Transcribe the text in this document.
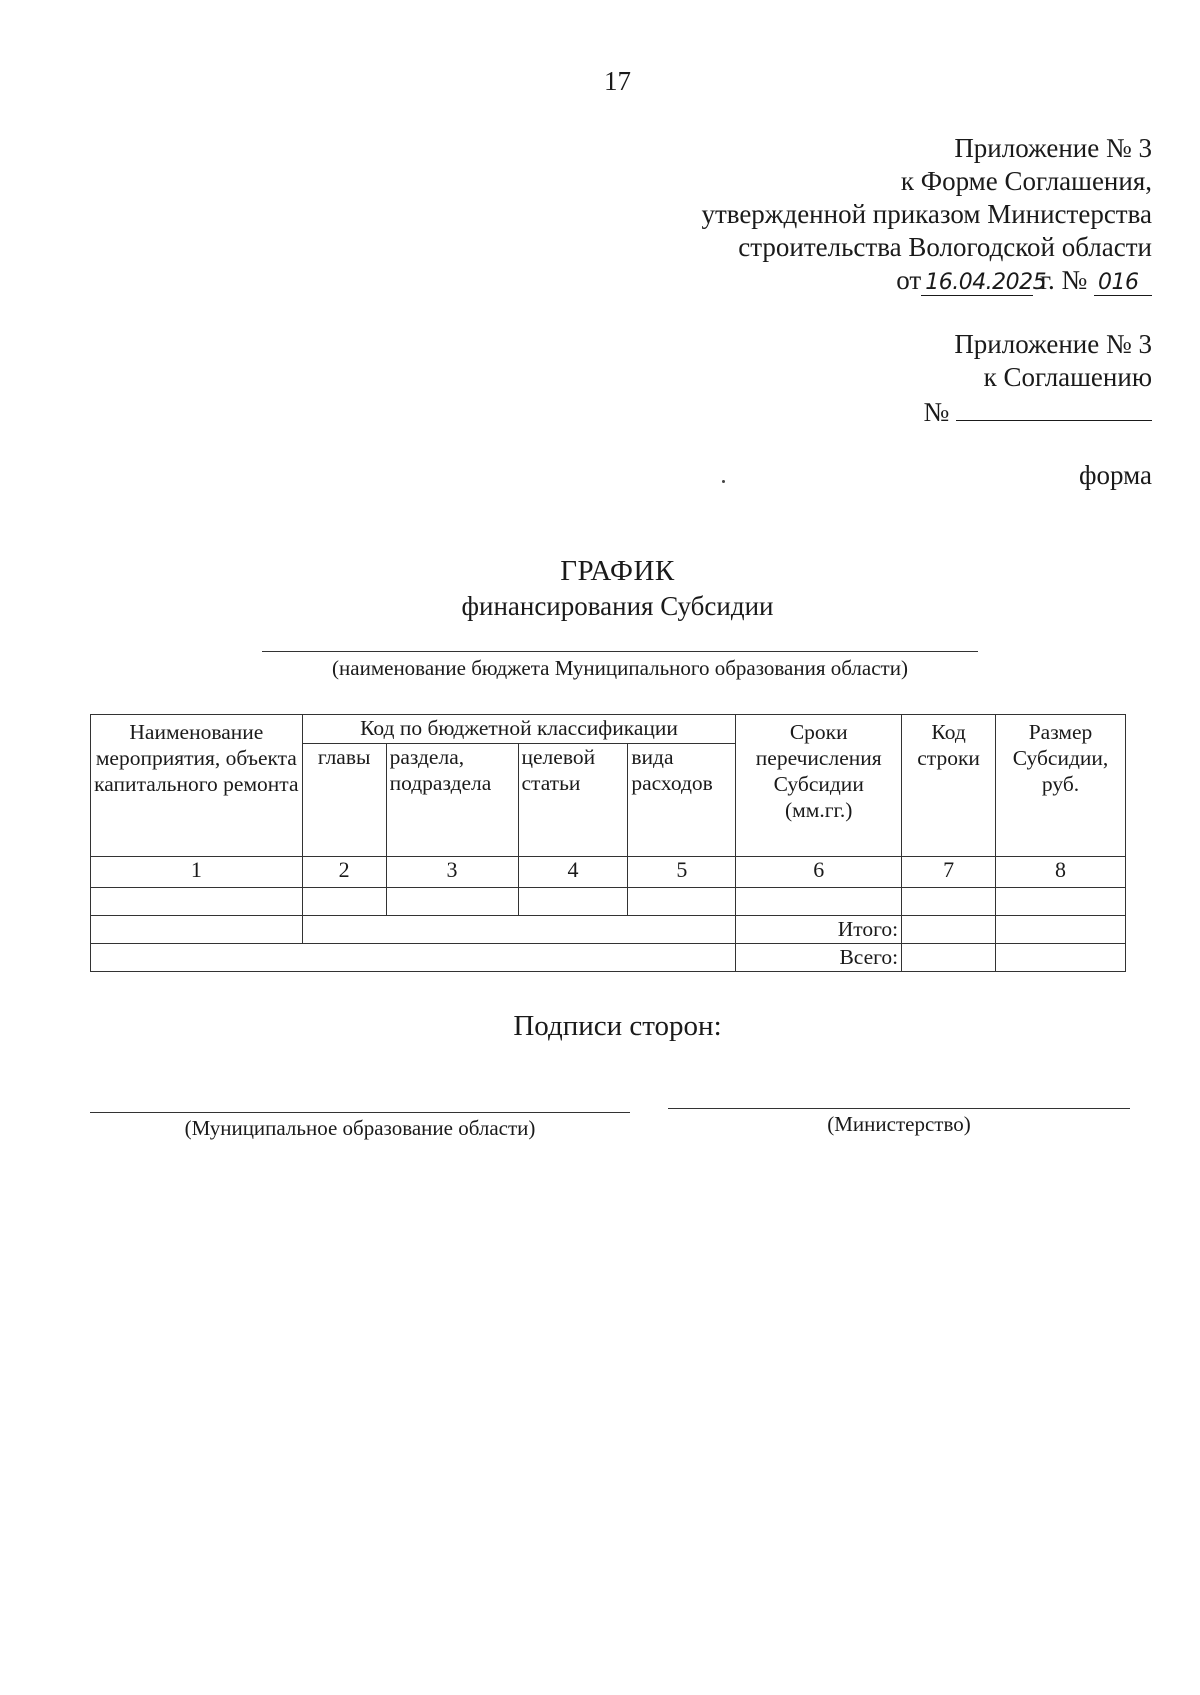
17
Приложение № 3
к Форме Соглашения,
утвержденной приказом Министерства
строительства Вологодской области
от 16.04.2025 г. № 016
Приложение № 3
к Соглашению
№
форма
ГРАФИК
финансирования Субсидии
(наименование бюджета Муниципального образования области)
Наименование мероприятия, объекта капитального ремонта	Код по бюджетной классификации				Сроки перечисления Субсидии (мм.гг.)	Код строки	Размер Субсидии, руб.
	главы	раздела, подраздела	целевой статьи	вида расходов			
1	2	3	4	5	6	7	8

					Итого:		
					Всего:		
Подписи сторон:
(Муниципальное образование области)	(Министерство)
